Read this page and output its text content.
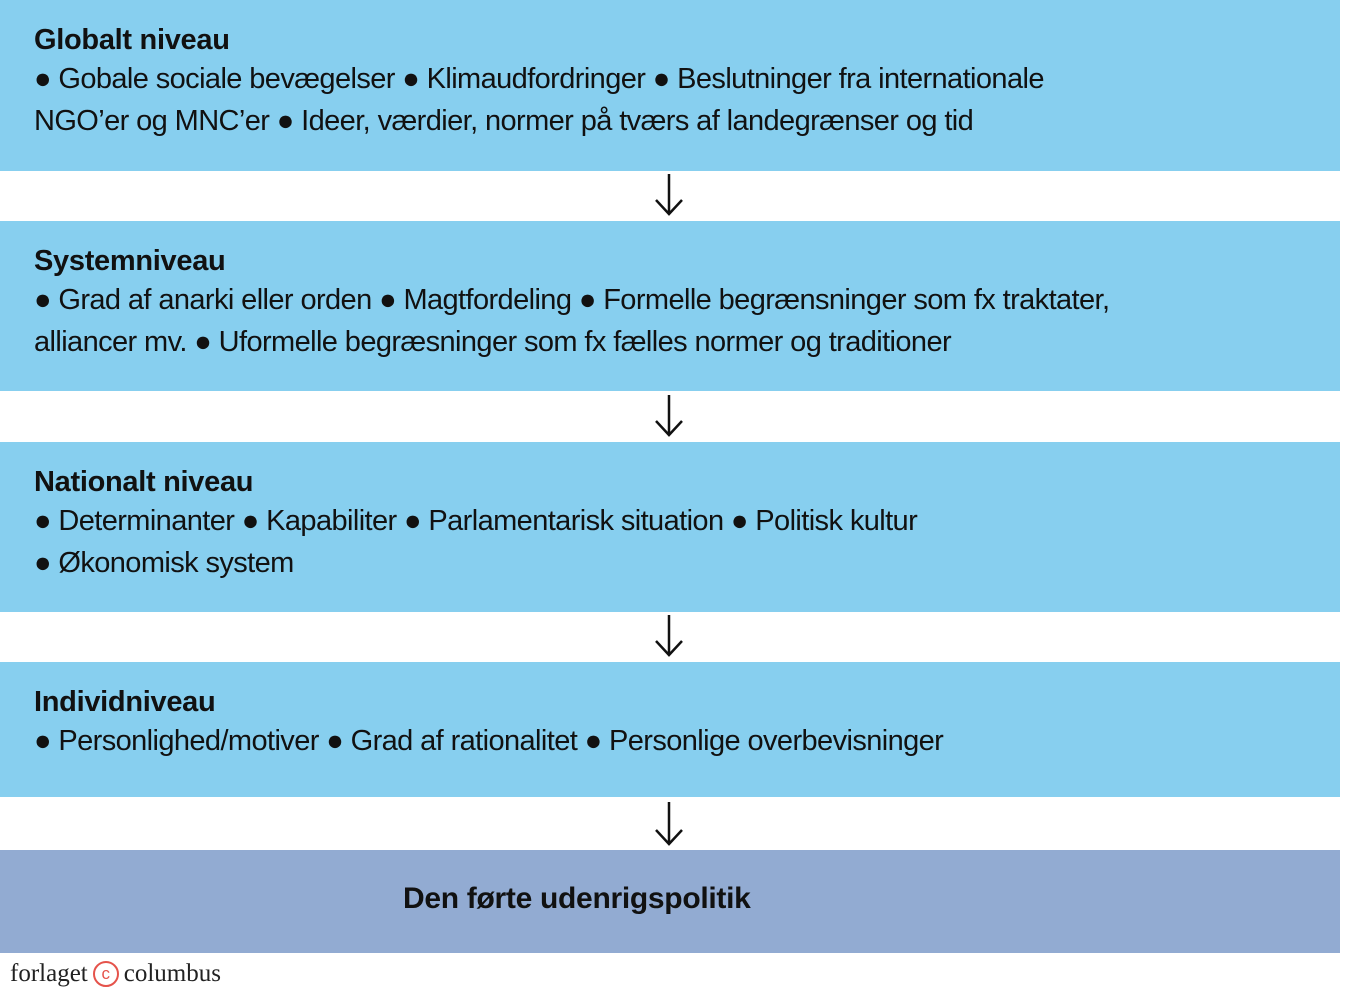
Globalt niveau
● Gobale sociale bevægelser ● Klimaudfordringer ● Beslutninger fra internationale
NGO’er og MNC’er ● Ideer, værdier, normer på tværs af landegrænser og tid
Systemniveau
● Grad af anarki eller orden ● Magtfordeling ● Formelle begrænsninger som fx traktater,
alliancer mv. ● Uformelle begræsninger som fx fælles normer og traditioner
Nationalt niveau
● Determinanter ● Kapabiliter ● Parlamentarisk situation ● Politisk kultur
● Økonomisk system
Individniveau
● Personlighed/motiver ● Grad af rationalitet ● Personlige overbevisninger
Den førte udenrigspolitik
forlaget c columbus
